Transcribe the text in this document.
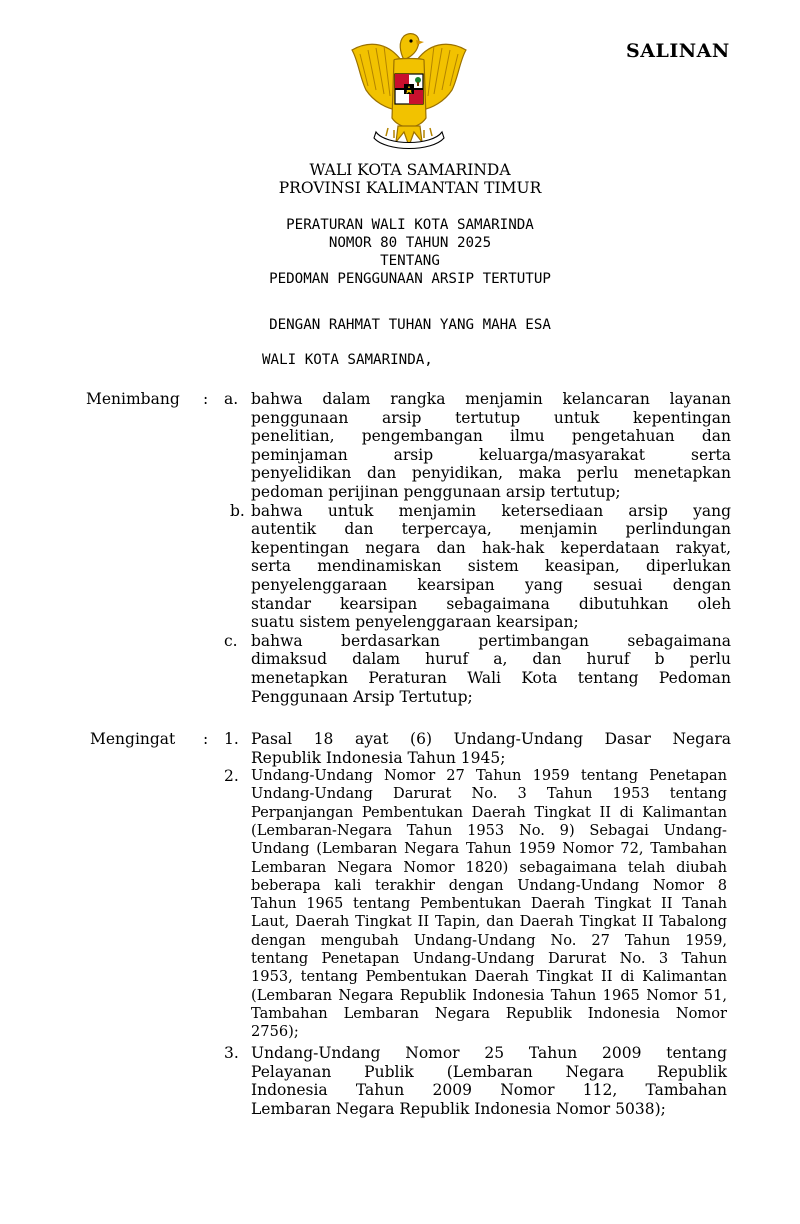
SALINAN
WALI KOTA SAMARINDA
PROVINSI KALIMANTAN TIMUR
PERATURAN WALI KOTA SAMARINDA
NOMOR 80 TAHUN 2025
TENTANG
PEDOMAN PENGGUNAAN ARSIP TERTUTUP
DENGAN RAHMAT TUHAN YANG MAHA ESA
WALI KOTA SAMARINDA,
Menimbang : a. bahwa dalam rangka menjamin kelancaran layanan
penggunaan arsip tertutup untuk kepentingan
penelitian, pengembangan ilmu pengetahuan dan
peminjaman arsip keluarga/masyarakat serta
penyelidikan dan penyidikan, maka perlu menetapkan
pedoman perijinan penggunaan arsip tertutup;
b. bahwa untuk menjamin ketersediaan arsip yang
autentik dan terpercaya, menjamin perlindungan
kepentingan negara dan hak-hak keperdataan rakyat,
serta mendinamiskan sistem keasipan, diperlukan
penyelenggaraan kearsipan yang sesuai dengan
standar kearsipan sebagaimana dibutuhkan oleh
suatu sistem penyelenggaraan kearsipan;
c. bahwa berdasarkan pertimbangan sebagaimana
dimaksud dalam huruf a, dan huruf b perlu
menetapkan Peraturan Wali Kota tentang Pedoman
Penggunaan Arsip Tertutup;
Mengingat : 1. Pasal 18 ayat (6) Undang-Undang Dasar Negara
Republik Indonesia Tahun 1945;
2. Undang-Undang Nomor 27 Tahun 1959 tentang Penetapan
Undang-Undang Darurat No. 3 Tahun 1953 tentang
Perpanjangan Pembentukan Daerah Tingkat II di Kalimantan
(Lembaran-Negara Tahun 1953 No. 9) Sebagai Undang-
Undang (Lembaran Negara Tahun 1959 Nomor 72, Tambahan
Lembaran Negara Nomor 1820) sebagaimana telah diubah
beberapa kali terakhir dengan Undang-Undang Nomor 8
Tahun 1965 tentang Pembentukan Daerah Tingkat II Tanah
Laut, Daerah Tingkat II Tapin, dan Daerah Tingkat II Tabalong
dengan mengubah Undang-Undang No. 27 Tahun 1959,
tentang Penetapan Undang-Undang Darurat No. 3 Tahun
1953, tentang Pembentukan Daerah Tingkat II di Kalimantan
(Lembaran Negara Republik Indonesia Tahun 1965 Nomor 51,
Tambahan Lembaran Negara Republik Indonesia Nomor
2756);
3. Undang-Undang Nomor 25 Tahun 2009 tentang
Pelayanan Publik (Lembaran Negara Republik
Indonesia Tahun 2009 Nomor 112, Tambahan
Lembaran Negara Republik Indonesia Nomor 5038);
